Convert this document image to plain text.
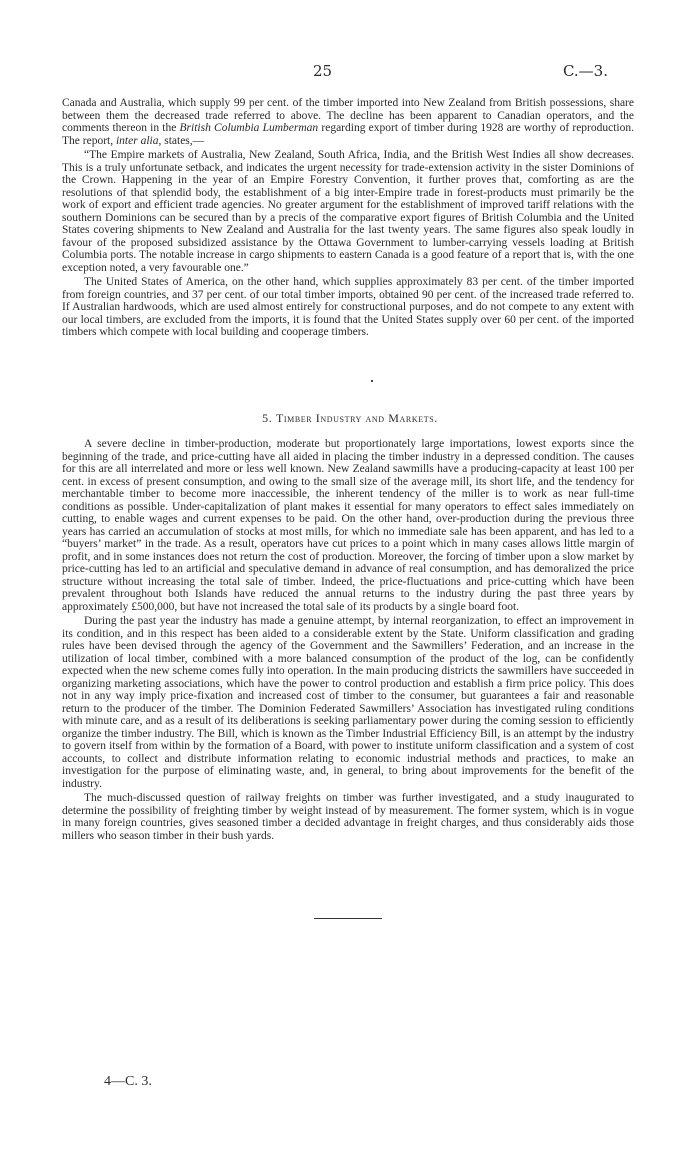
25	C.—3.

Canada and Australia, which supply 99 per cent. of the timber imported into New Zealand from British possessions, share between them the decreased trade referred to above. The decline has been apparent to Canadian operators, and the comments thereon in the British Columbia Lumberman regarding export of timber during 1928 are worthy of reproduction. The report, inter alia, states,—

“The Empire markets of Australia, New Zealand, South Africa, India, and the British West Indies all show decreases. This is a truly unfortunate setback, and indicates the urgent necessity for trade-extension activity in the sister Dominions of the Crown. Happening in the year of an Empire Forestry Convention, it further proves that, comforting as are the resolutions of that splendid body, the establishment of a big inter-Empire trade in forest-products must primarily be the work of export and efficient trade agencies. No greater argument for the establishment of improved tariff relations with the southern Dominions can be secured than by a precis of the comparative export figures of British Columbia and the United States covering shipments to New Zealand and Australia for the last twenty years. The same figures also speak loudly in favour of the proposed subsidized assistance by the Ottawa Government to lumber-carrying vessels loading at British Columbia ports. The notable increase in cargo shipments to eastern Canada is a good feature of a report that is, with the one exception noted, a very favourable one.”

The United States of America, on the other hand, which supplies approximately 83 per cent. of the timber imported from foreign countries, and 37 per cent. of our total timber imports, obtained 90 per cent. of the increased trade referred to. If Australian hardwoods, which are used almost entirely for constructional purposes, and do not compete to any extent with our local timbers, are excluded from the imports, it is found that the United States supply over 60 per cent. of the imported timbers which compete with local building and cooperage timbers.

5. Timber Industry and Markets.

A severe decline in timber-production, moderate but proportionately large importations, lowest exports since the beginning of the trade, and price-cutting have all aided in placing the timber industry in a depressed condition. The causes for this are all interrelated and more or less well known. New Zealand sawmills have a producing-capacity at least 100 per cent. in excess of present consumption, and owing to the small size of the average mill, its short life, and the tendency for merchantable timber to become more inaccessible, the inherent tendency of the miller is to work as near full-time conditions as possible. Under-capitalization of plant makes it essential for many operators to effect sales immediately on cutting, to enable wages and current expenses to be paid. On the other hand, over-production during the previous three years has carried an accumulation of stocks at most mills, for which no immediate sale has been apparent, and has led to a “buyers’ market” in the trade. As a result, operators have cut prices to a point which in many cases allows little margin of profit, and in some instances does not return the cost of production. Moreover, the forcing of timber upon a slow market by price-cutting has led to an artificial and speculative demand in advance of real consumption, and has demoralized the price structure without increasing the total sale of timber. Indeed, the price-fluctuations and price-cutting which have been prevalent throughout both Islands have reduced the annual returns to the industry during the past three years by approximately £500,000, but have not increased the total sale of its products by a single board foot.

During the past year the industry has made a genuine attempt, by internal reorganization, to effect an improvement in its condition, and in this respect has been aided to a considerable extent by the State. Uniform classification and grading rules have been devised through the agency of the Government and the Sawmillers’ Federation, and an increase in the utilization of local timber, combined with a more balanced consumption of the product of the log, can be confidently expected when the new scheme comes fully into operation. In the main producing districts the sawmillers have succeeded in organizing marketing associations, which have the power to control production and establish a firm price policy. This does not in any way imply price-fixation and increased cost of timber to the consumer, but guarantees a fair and reasonable return to the producer of the timber. The Dominion Federated Sawmillers’ Association has investigated ruling conditions with minute care, and as a result of its deliberations is seeking parliamentary power during the coming session to efficiently organize the timber industry. The Bill, which is known as the Timber Industrial Efficiency Bill, is an attempt by the industry to govern itself from within by the formation of a Board, with power to institute uniform classification and a system of cost accounts, to collect and distribute information relating to economic industrial methods and practices, to make an investigation for the purpose of eliminating waste, and, in general, to bring about improvements for the benefit of the industry.

The much-discussed question of railway freights on timber was further investigated, and a study inaugurated to determine the possibility of freighting timber by weight instead of by measurement. The former system, which is in vogue in many foreign countries, gives seasoned timber a decided advantage in freight charges, and thus considerably aids those millers who season timber in their bush yards.

4—C. 3.
